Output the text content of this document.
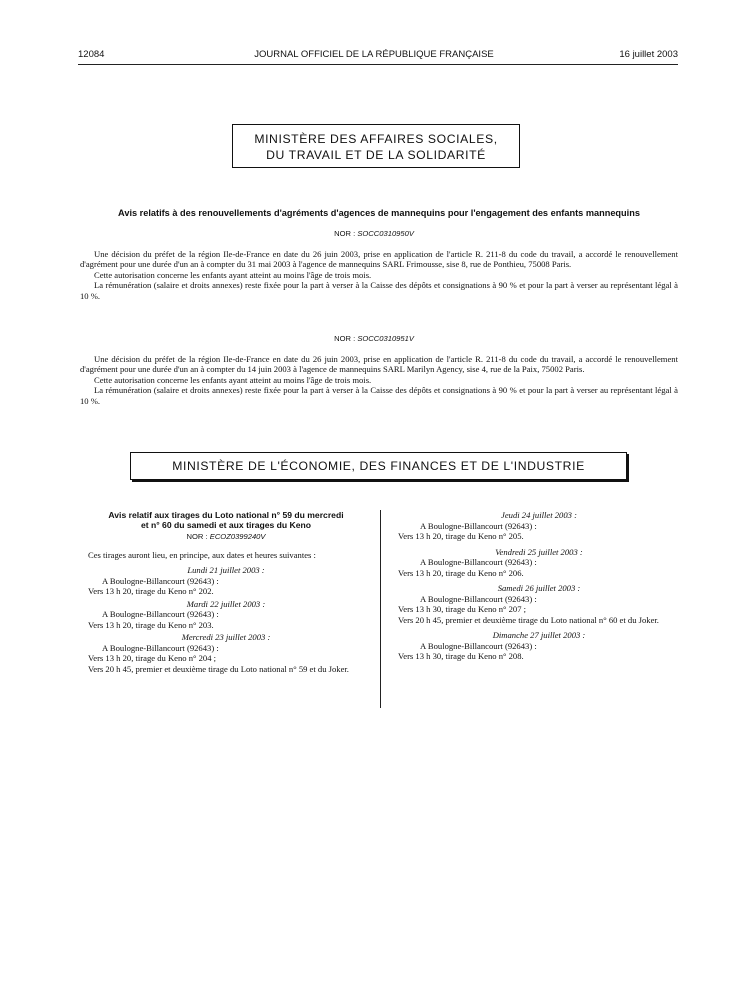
12084	JOURNAL OFFICIEL DE LA RÉPUBLIQUE FRANÇAISE	16 juillet 2003
MINISTÈRE DES AFFAIRES SOCIALES,
DU TRAVAIL ET DE LA SOLIDARITÉ
Avis relatifs à des renouvellements d'agréments d'agences de mannequins pour l'engagement des enfants mannequins
NOR : SOCC0310950V

Une décision du préfet de la région Ile-de-France en date du 26 juin 2003, prise en application de l'article R. 211-8 du code du travail, a accordé le renouvellement d'agrément pour une durée d'un an à compter du 31 mai 2003 à l'agence de mannequins SARL Frimousse, sise 8, rue de Ponthieu, 75008 Paris.

Cette autorisation concerne les enfants ayant atteint au moins l'âge de trois mois.

La rémunération (salaire et droits annexes) reste fixée pour la part à verser à la Caisse des dépôts et consignations à 90 % et pour la part à verser au représentant légal à 10 %.

NOR : SOCC0310951V

Une décision du préfet de la région Ile-de-France en date du 26 juin 2003, prise en application de l'article R. 211-8 du code du travail, a accordé le renouvellement d'agrément pour une durée d'un an à compter du 14 juin 2003 à l'agence de mannequins SARL Marilyn Agency, sise 4, rue de la Paix, 75002 Paris.

Cette autorisation concerne les enfants ayant atteint au moins l'âge de trois mois.

La rémunération (salaire et droits annexes) reste fixée pour la part à verser à la Caisse des dépôts et consignations à 90 % et pour la part à verser au représentant légal à 10 %.

MINISTÈRE DE L'ÉCONOMIE, DES FINANCES ET DE L'INDUSTRIE
Avis relatif aux tirages du Loto national n° 59 du mercredi
et n° 60 du samedi et aux tirages du Keno
NOR : ECOZ0399240V

Ces tirages auront lieu, en principe, aux dates et heures suivantes :

Lundi 21 juillet 2003 :

A Boulogne-Billancourt (92643) :

Vers 13 h 20, tirage du Keno n° 202.

Mardi 22 juillet 2003 :

A Boulogne-Billancourt (92643) :

Vers 13 h 20, tirage du Keno n° 203.

Mercredi 23 juillet 2003 :

A Boulogne-Billancourt (92643) :

Vers 13 h 20, tirage du Keno n° 204 ;

Vers 20 h 45, premier et deuxième tirage du Loto national n° 59 et du Joker.

Jeudi 24 juillet 2003 :

A Boulogne-Billancourt (92643) :

Vers 13 h 20, tirage du Keno n° 205.

Vendredi 25 juillet 2003 :

A Boulogne-Billancourt (92643) :

Vers 13 h 20, tirage du Keno n° 206.

Samedi 26 juillet 2003 :

A Boulogne-Billancourt (92643) :

Vers 13 h 30, tirage du Keno n° 207 ;

Vers 20 h 45, premier et deuxième tirage du Loto national n° 60 et du Joker.

Dimanche 27 juillet 2003 :

A Boulogne-Billancourt (92643) :

Vers 13 h 30, tirage du Keno n° 208.
